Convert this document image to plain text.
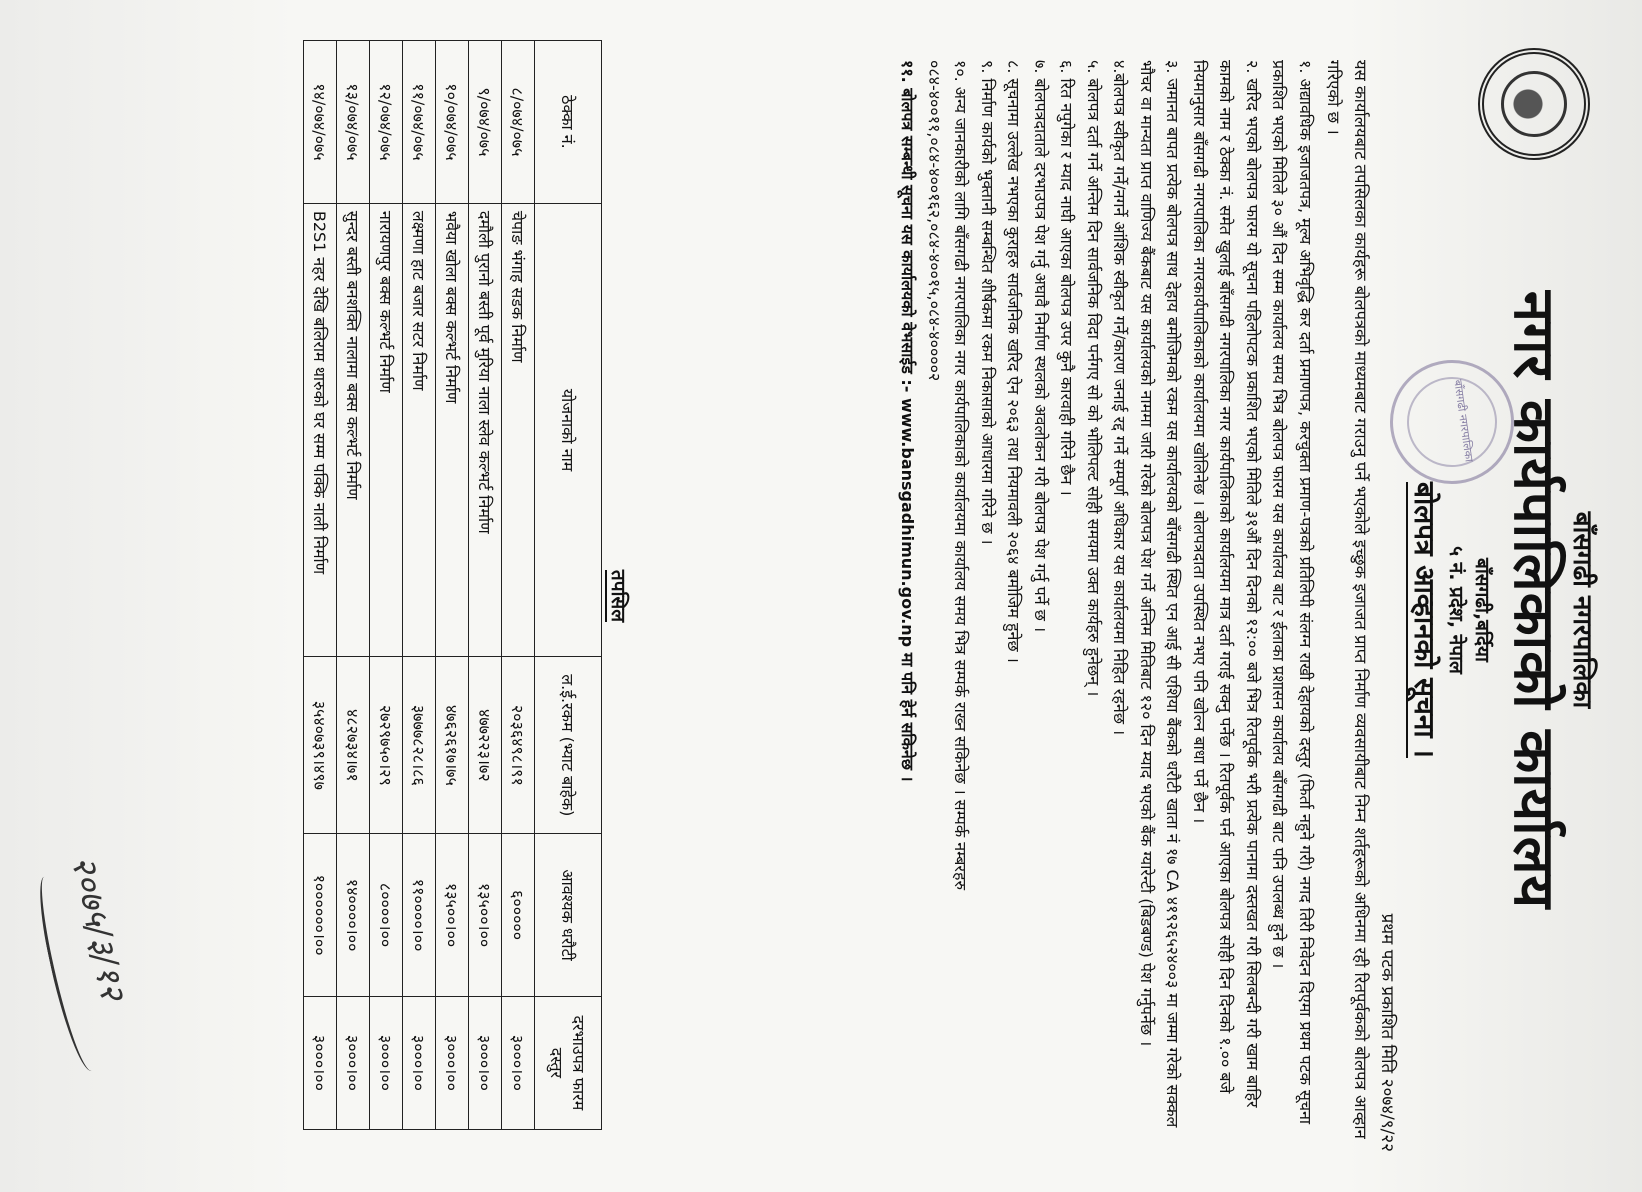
बाँसगढी नगरपालिका
बाँसगढी नगरपालिका
नगर कार्यपालिकाको कार्यालय
बाँसगढी,बर्दिया
५ नं. प्रदेश, नेपाल
बोलपत्र आव्हानको सूचना ।
प्रथम पटक प्रकाशित मिति २०७४/९/२२
यस कार्यालयबाट तपसिलका कार्यहरू बोलपत्रको माध्यमबाट गराउनु पर्ने भएकोले इच्छुक इजाजत प्राप्त निर्माण व्यवसायीबाट निम्न शर्तहरूको अधिनमा रही रितपूर्वकको बोलपत्र आव्हान गरिएको छ ।
१. अद्यावधिक इजाजतपत्र, मूल्य अभिवृद्धि कर दर्ता प्रमाणपत्र, करचुक्ता प्रमाण-पत्रको प्रतिलिपी संलग्न राखी देहायको दस्तुर (फिर्ता नहुने गरी) नगद तिरी निवेदन दिएमा प्रथम पटक सूचना प्रकाशित भएको मितिले ३० औं दिन सम्म कार्यालय समय भित्र बोलपत्र फारम यस कार्यालय बाट र ईलाका प्रशासन कार्यालय बाँसगढी बाट पनि उपलब्ध हुने छ ।
२. खरिद भएको बोलपत्र फारम यो सूचना पहिलोपटक प्रकाशित भएको मितिले ३१औं दिन दिनको १२:०० बजे भित्र रितपूर्वक भरी प्रत्येक पानामा दस्तखत गरी सिलबन्दी गरी खाम बाहिर कामको नाम र ठेक्का नं. समेत खुलाई बाँसगढी नगरपालिका नगर कार्यपालिकाको कार्यालयमा मात्र दर्ता गराई सक्नु पर्नेछ । रितपूर्वक पर्न आएका बोलपत्र सोही दिन दिनको १.०० बजे नियमानुसार बाँसगढी नगरपालिका नगरकार्यपालिकाको कार्यालयमा खोलिनेछ । बोलपत्रदाता उपस्थित नभए पनि खोल्न बाधा पर्ने छैन ।
३. जमानत बापत प्रत्येक बोलपत्र साथ देहाय बमोजिमको रकम यस कार्यालयको बाँसगढी स्थित एन आई सी एशिया बैंकको धरौटी खाता नं १७ CA ४१९२६५२४००३ मा जम्मा गरेको सक्कल भौचर वा मान्यता प्राप्त वाणिज्य बैंकबाट यस कार्यालयको नाममा जारी गरेको बोलपत्र पेश गर्ने अन्तिम मितिबाट १२० दिन म्याद भएको बैंक ग्यारेन्टी (बिडबण्ड) पेश गर्नुपर्नेछ ।
४.बोलपत्र स्वीकृत गर्ने/नगर्ने आंशिक स्वीकृत गर्ने/कारण जनाई रद्द गर्ने सम्पूर्ण अधिकार यस कार्यालयमा निहित रहनेछ ।
५. बोलपत्र दर्ता गर्ने अन्तिम दिन सार्वजनिक विदा पर्नगए सो को भोलिपल्ट सोही समयमा उक्त कार्यहरु हुनेछन् ।
६. रित नपुगेका र म्याद नाघी आएका बोलपत्र उपर कुनै कारवाही गरिने छैन ।
७. बोलपत्रदाताले दरभाउपत्र पेश गर्नु अघावै निर्माण स्थलको अवलोकन गरी बोलपत्र पेश गर्नु पर्ने छ ।
८. सूचनामा उल्लेख नभएका कुराहरु सार्वजनिक खरिद ऐन २०६३ तथा नियमावली २०६४ बमोजिम हुनेछ ।
९. निर्माण कार्यको भुक्तानी सम्बन्धित शीर्षकमा रकम निकासाको आधारमा गरिने छ ।
१०. अन्य जानकारीको लागि बाँसगढी नगरपालिका नगर कार्यपालिकाको कार्यालयमा कार्यालय समय भित्र सम्पर्क राख्न सकिनेछ । सम्पर्क नम्बरहरु ०८४-४००११,०८४-४००१६२,०८४-४००१५,०८४-४००००२
११. बोलपत्र सम्बन्धी सूचना यस कार्यालयको वेभसाईड :- www.bansgadhimun.gov.np मा पनि हेर्न सकिनेछ ।
तपसिल
ठेक्का नं.	योजनाको नाम	ल.ई.रकम (भ्याट बाहेक)	आवश्यक धरौटी	दरभाउपत्र फारम दस्तुर
८/०७४/०७५	चेपाङ भंगाह सडक निर्माण	२०३६४९८।९१	६०००००	३०००।००
९/०७४/०७५	दमौली पुरानो बस्ती पूर्व मुरिया नाला स्लेव कल्भर्ट निर्माण	४७७२२३।७२	१३५००।००	३०००।००
१०/०७४/०७५	भवैया खोला बक्स कल्भर्ट निर्माण	४७६२६१७।७५	१३५००।००	३०००।००
११/०७४/०७५	लक्ष्मणा हाट बजार सटर निर्माण	३७७७८२८।८६	११००००।००	३०००।००
१२/०७४/०७५	नारायणपुर बक्स कल्भर्ट निर्माण	२७२९७५०।२९	८००००।००	३०००।००
१३/०७४/०७५	सुन्दर बस्ती बनशक्ति नालामा बक्स कल्भर्ट निर्माण	४८२७३४।७१	१४००००।००	३०००।००
१४/०७४/०७५	B2S1 नहर देखि बलिराम थारुको घर सम्म पक्कि नाली निर्माण	३५४०७३९।४९७	१००००००।००	३०००।००
२०७५/३/१२
